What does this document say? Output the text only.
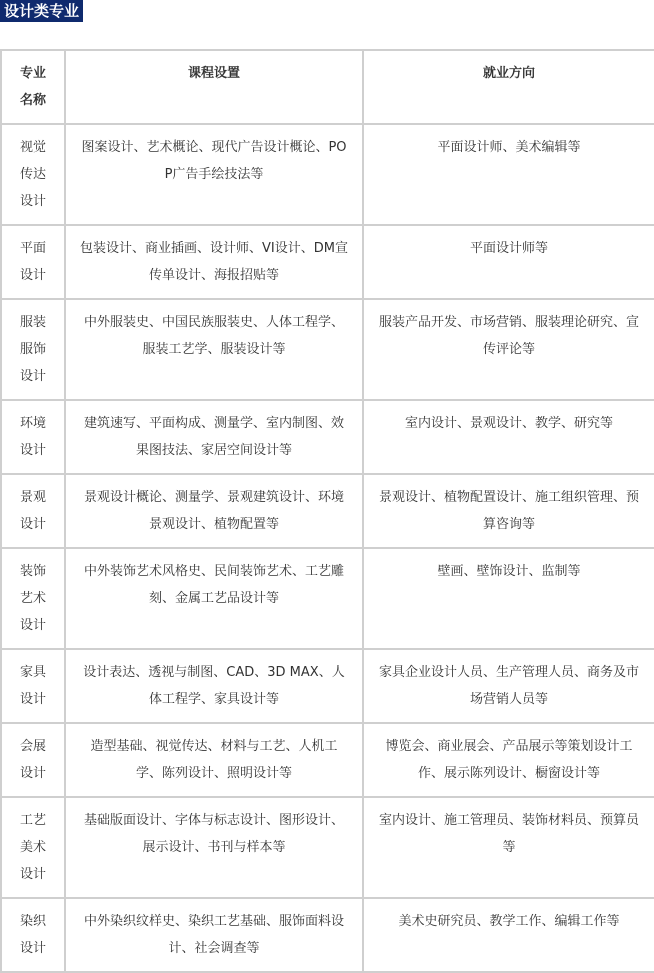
设计类专业
专业名称	课程设置	就业方向
视觉传达设计	图案设计、艺术概论、现代广告设计概论、POP广告手绘技法等	平面设计师、美术编辑等
平面设计	包装设计、商业插画、设计师、VI设计、DM宣传单设计、海报招贴等	平面设计师等
服装服饰设计	中外服装史、中国民族服装史、人体工程学、服装工艺学、服装设计等	服装产品开发、市场营销、服装理论研究、宣传评论等
环境设计	建筑速写、平面构成、测量学、室内制图、效果图技法、家居空间设计等	室内设计、景观设计、教学、研究等
景观设计	景观设计概论、测量学、景观建筑设计、环境景观设计、植物配置等	景观设计、植物配置设计、施工组织管理、预算咨询等
装饰艺术设计	中外装饰艺术风格史、民间装饰艺术、工艺雕刻、金属工艺品设计等	壁画、壁饰设计、监制等
家具设计	设计表达、透视与制图、CAD、3D MAX、人体工程学、家具设计等	家具企业设计人员、生产管理人员、商务及市场营销人员等
会展设计	造型基础、视觉传达、材料与工艺、人机工学、陈列设计、照明设计等	博览会、商业展会、产品展示等策划设计工作、展示陈列设计、橱窗设计等
工艺美术设计	基础版面设计、字体与标志设计、图形设计、展示设计、书刊与样本等	室内设计、施工管理员、装饰材料员、预算员等
染织设计	中外染织纹样史、染织工艺基础、服饰面料设计、社会调查等	美术史研究员、教学工作、编辑工作等
